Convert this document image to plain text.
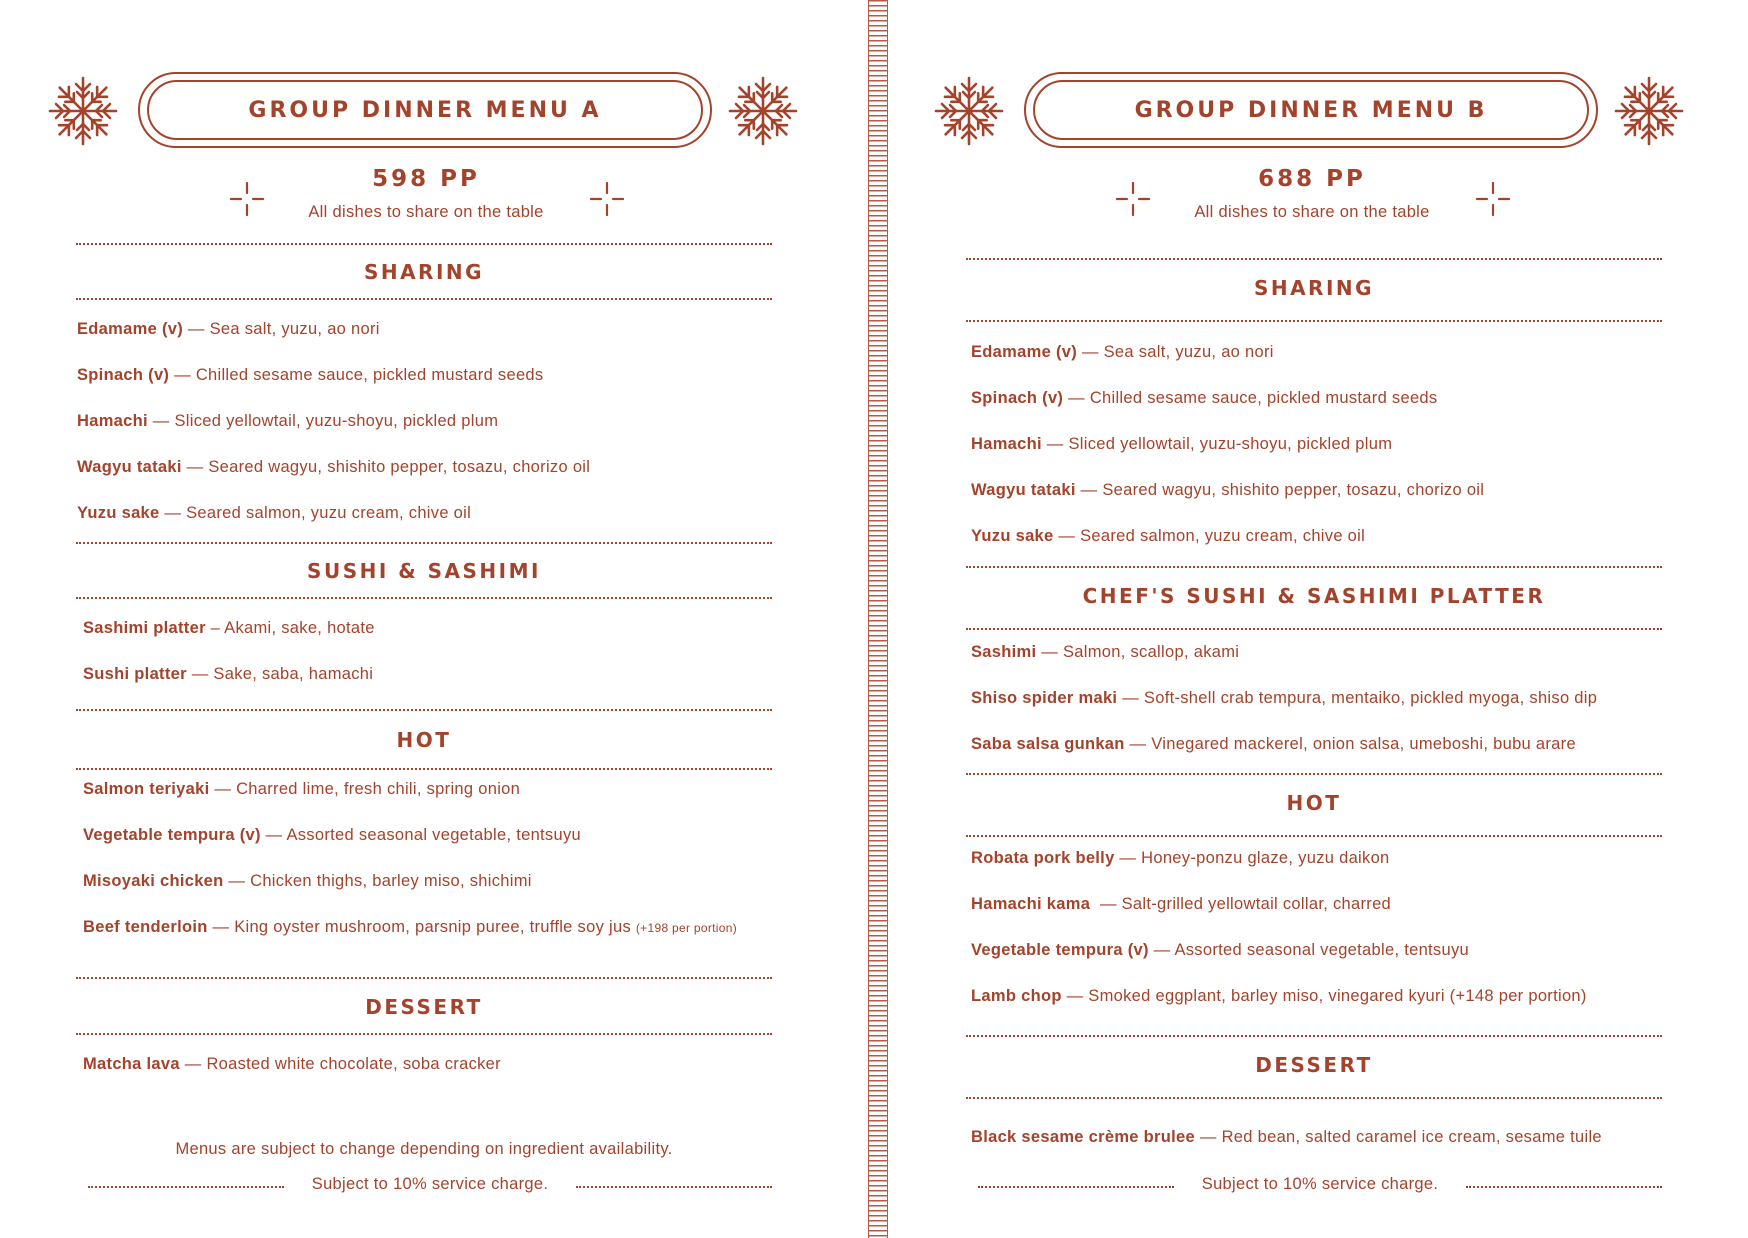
GROUP DINNER MENU A
598 PP
All dishes to share on the table
SHARING
Edamame (v) — Sea salt, yuzu, ao nori
Spinach (v) — Chilled sesame sauce, pickled mustard seeds
Hamachi — Sliced yellowtail, yuzu-shoyu, pickled plum
Wagyu tataki — Seared wagyu, shishito pepper, tosazu, chorizo oil
Yuzu sake — Seared salmon, yuzu cream, chive oil
SUSHI & SASHIMI
Sashimi platter – Akami, sake, hotate
Sushi platter — Sake, saba, hamachi
HOT
Salmon teriyaki — Charred lime, fresh chili, spring onion
Vegetable tempura (v) — Assorted seasonal vegetable, tentsuyu
Misoyaki chicken — Chicken thighs, barley miso, shichimi
Beef tenderloin — King oyster mushroom, parsnip puree, truffle soy jus (+198 per portion)
DESSERT
Matcha lava — Roasted white chocolate, soba cracker
Menus are subject to change depending on ingredient availability.
Subject to 10% service charge.
GROUP DINNER MENU B
688 PP
All dishes to share on the table
SHARING
Edamame (v) — Sea salt, yuzu, ao nori
Spinach (v) — Chilled sesame sauce, pickled mustard seeds
Hamachi — Sliced yellowtail, yuzu-shoyu, pickled plum
Wagyu tataki — Seared wagyu, shishito pepper, tosazu, chorizo oil
Yuzu sake — Seared salmon, yuzu cream, chive oil
CHEF'S SUSHI & SASHIMI PLATTER
Sashimi — Salmon, scallop, akami
Shiso spider maki — Soft-shell crab tempura, mentaiko, pickled myoga, shiso dip
Saba salsa gunkan — Vinegared mackerel, onion salsa, umeboshi, bubu arare
HOT
Robata pork belly — Honey-ponzu glaze, yuzu daikon
Hamachi kama  — Salt-grilled yellowtail collar, charred
Vegetable tempura (v) — Assorted seasonal vegetable, tentsuyu
Lamb chop — Smoked eggplant, barley miso, vinegared kyuri (+148 per portion)
DESSERT
Black sesame crème brulee — Red bean, salted caramel ice cream, sesame tuile
Subject to 10% service charge.
